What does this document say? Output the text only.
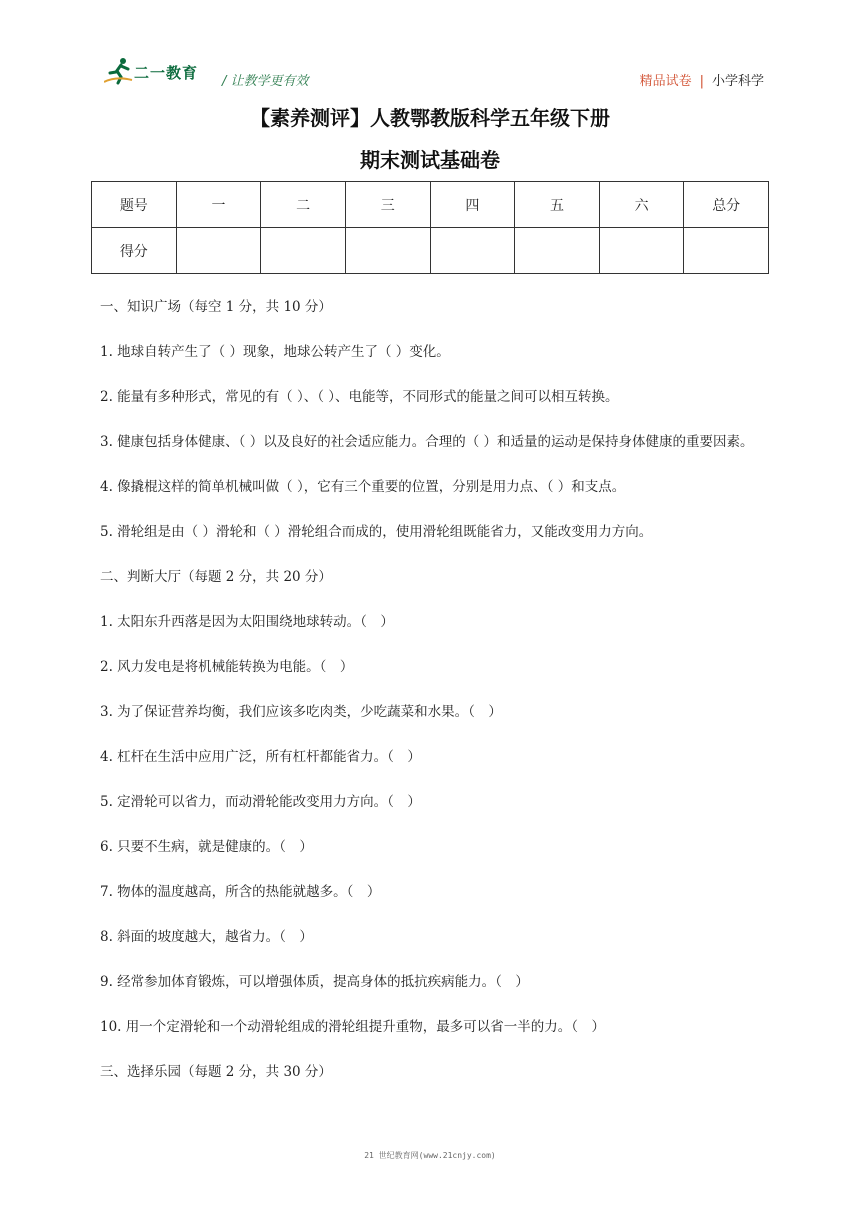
二一教育 / 让教学更有效	精品试卷 | 小学科学
【素养测评】人教鄂教版科学五年级下册
期末测试基础卷
题号	一	二	三	四	五	六	总分
得分							

一、知识广场（每空 1 分，共 10 分）

1. 地球自转产生了（ ）现象，地球公转产生了（ ）变化。

2. 能量有多种形式，常见的有（ ）、（ ）、电能等，不同形式的能量之间可以相互转换。

3. 健康包括身体健康、（ ）以及良好的社会适应能力。合理的（ ）和适量的运动是保持身体健康的重要因素。

4. 像撬棍这样的简单机械叫做（ ），它有三个重要的位置，分别是用力点、（ ）和支点。

5. 滑轮组是由（ ）滑轮和（ ）滑轮组合而成的，使用滑轮组既能省力，又能改变用力方向。

二、判断大厅（每题 2 分，共 20 分）

1. 太阳东升西落是因为太阳围绕地球转动。（　）

2. 风力发电是将机械能转换为电能。（　）

3. 为了保证营养均衡，我们应该多吃肉类，少吃蔬菜和水果。（　）

4. 杠杆在生活中应用广泛，所有杠杆都能省力。（　）

5. 定滑轮可以省力，而动滑轮能改变用力方向。（　）

6. 只要不生病，就是健康的。（　）

7. 物体的温度越高，所含的热能就越多。（　）

8. 斜面的坡度越大，越省力。（　）

9. 经常参加体育锻炼，可以增强体质，提高身体的抵抗疾病能力。（　）

10. 用一个定滑轮和一个动滑轮组成的滑轮组提升重物，最多可以省一半的力。（　）

三、选择乐园（每题 2 分，共 30 分）

21 世纪教育网(www.21cnjy.com)
